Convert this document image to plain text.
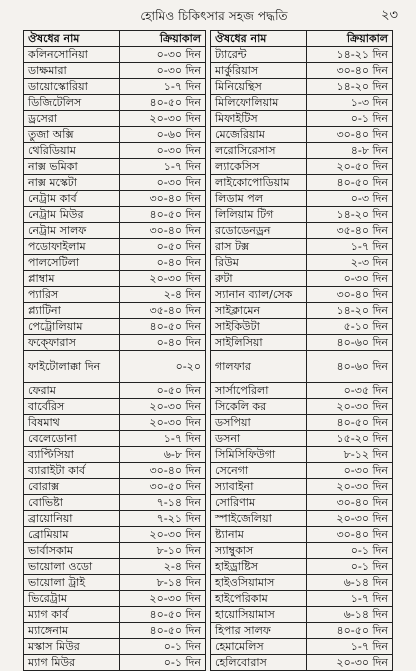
হোমিও চিকিৎসার সহজ পদ্ধতি	২৩
ঔষধের নাম	ক্রিয়াকাল
কলিনসোনিয়া	০-৩০ দিন
ডাক্ষমারা	০-৩০ দিন
ডায়োস্কোরিয়া	১-৭ দিন
ডিজিটেলিস	৪০-৫০ দিন
ড্রসেরা	২০-৩০ দিন
তুজা অক্সি	০-৬০ দিন
থেরিডিয়াম	০-৩০ দিন
নাক্স ভমিকা	১-৭ দিন
নাক্স মস্কেটা	০-৩০ দিন
নেট্রাম কার্ব	৩০-৪০ দিন
নেট্রাম মিউর	৪০-৫০ দিন
নেট্রাম সালফ	৩০-৪০ দিন
পডোফাইলাম	০-৫০ দিন
পালসেটিলা	০-৪০ দিন
প্লাম্বাম	২০-৩০ দিন
প্যারিস	২-৪ দিন
প্ল্যাটিনা	৩৫-৪০ দিন
পেট্রোলিয়াম	৪০-৫০ দিন
ফক্ফোরাস	০-৪০ দিন
ফাইটোলাক্কা দিন	০-২০
ফেরাম	০-৫০ দিন
বার্বেরিস	২০-৩০ দিন
বিষমাথ	২০-৩০ দিন
বেলেডোনা	১-৭ দিন
ব্যাপ্টিসিয়া	৬-৮ দিন
ব্যারাইটা কার্ব	৩০-৪০ দিন
বোরাক্স	৩০-৫০ দিন
বোভিষ্টা	৭-১৪ দিন
ব্রায়োনিয়া	৭-২১ দিন
ব্রোমিয়াম	২০-৩০ দিন
ভার্বাসকাম	৮-১০ দিন
ভায়োলা ওডো	২-৪ দিন
ভায়োলা ট্রাই	৮-১৪ দিন
ভিরেট্রাম	২০-৩০ দিন
ম্যাগ কার্ব	৪০-৫০ দিন
ম্যাঙ্গেনাম	৪০-৫০ দিন
মস্কাস মিউর	০-১ দিন
ম্যাগ মিউর	০-১ দিন
ঔষধের নাম	ক্রিয়াকাল
ট্যারেন্ট	১৪-২১ দিন
মার্কুরিয়াস	৩০-৪০ দিন
মিনিয়েন্থিস	১৪-২০ দিন
মিলিফোলিয়াম	১-৩ দিন
মিফাইটিস	০-১ দিন
মেজেরিয়াম	৩০-৪০ দিন
লরোসিরেসাস	৪-৮ দিন
ল্যাকেসিস	২০-৫০ দিন
লাইকোপোডিয়াম	৪০-৫০ দিন
লিডাম পল	০-৩ দিন
লিলিয়াম টিগ	১৪-২০ দিন
রডোডেনড্রন	৩৫-৪০ দিন
রাস টক্স	১-৭ দিন
রিউম	২-৩ দিন
রুটা	০-৩০ দিন
স্যানান ব্যাল/সেক	৩০-৪০ দিন
সাইক্লামেন	১৪-২০ দিন
সাইকিউটা	৫-১০ দিন
সাইলিসিয়া	৪০-৬০ দিন
গালফার	৪০-৬০ দিন
সার্সাপেরিলা	০-৩৫ দিন
সিকেলি কর	২০-৩০ দিন
ডসপিয়া	৪০-৫০ দিন
ডসনা	১৫-২০ দিন
সিমিসিফিউগা	৮-১২ দিন
সেনেগা	০-৩০ দিন
স্যাবাইনা	২০-৩০ দিন
সোরিণাম	৩০-৪০ দিন
স্পাইজেলিয়া	২০-৩০ দিন
ষ্ট্যানাম	৩০-৪০ দিন
স্যাম্বুকাস	০-১ দিন
হাইড্রাষ্টিস	০-১ দিন
হাইওসিয়ামাস	৬-১৪ দিন
হাইপেরিকাম	১-৭ দিন
হায়োসিয়ামাস	৬-১৪ দিন
হিপার সালফ	৪০-৫০ দিন
হেমামেলিস	১-৭ দিন
হেলিবোরাস	২০-৩০ দিন
